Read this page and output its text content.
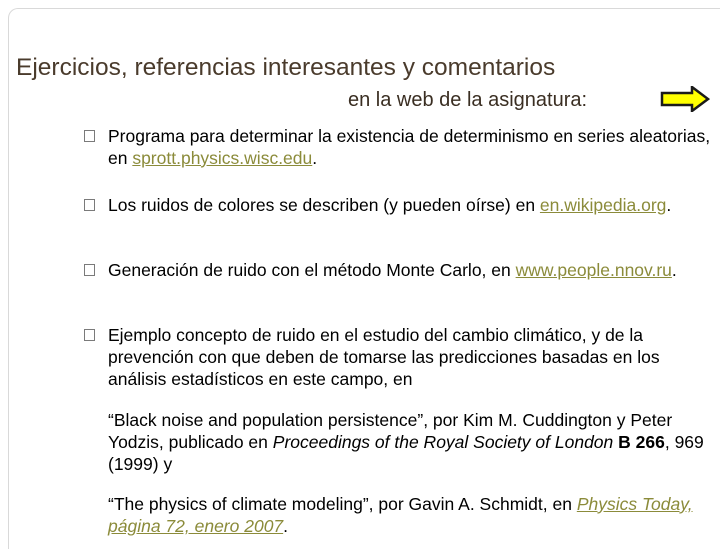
Ejercicios, referencias interesantes y comentarios
en la web de la asignatura:
Programa para determinar la existencia de determinismo en series aleatorias, en sprott.physics.wisc.edu.
Los ruidos de colores se describen (y pueden oírse) en en.wikipedia.org.
Generación de ruido con el método Monte Carlo, en www.people.nnov.ru.
Ejemplo concepto de ruido en el estudio del cambio climático, y de la prevención con que deben de tomarse las predicciones basadas en los análisis estadísticos en este campo, en
“Black noise and population persistence”, por Kim M. Cuddington y Peter Yodzis, publicado en Proceedings of the Royal Society of London B 266, 969 (1999) y
“The physics of climate modeling”, por Gavin A. Schmidt, en Physics Today, página 72, enero 2007.
